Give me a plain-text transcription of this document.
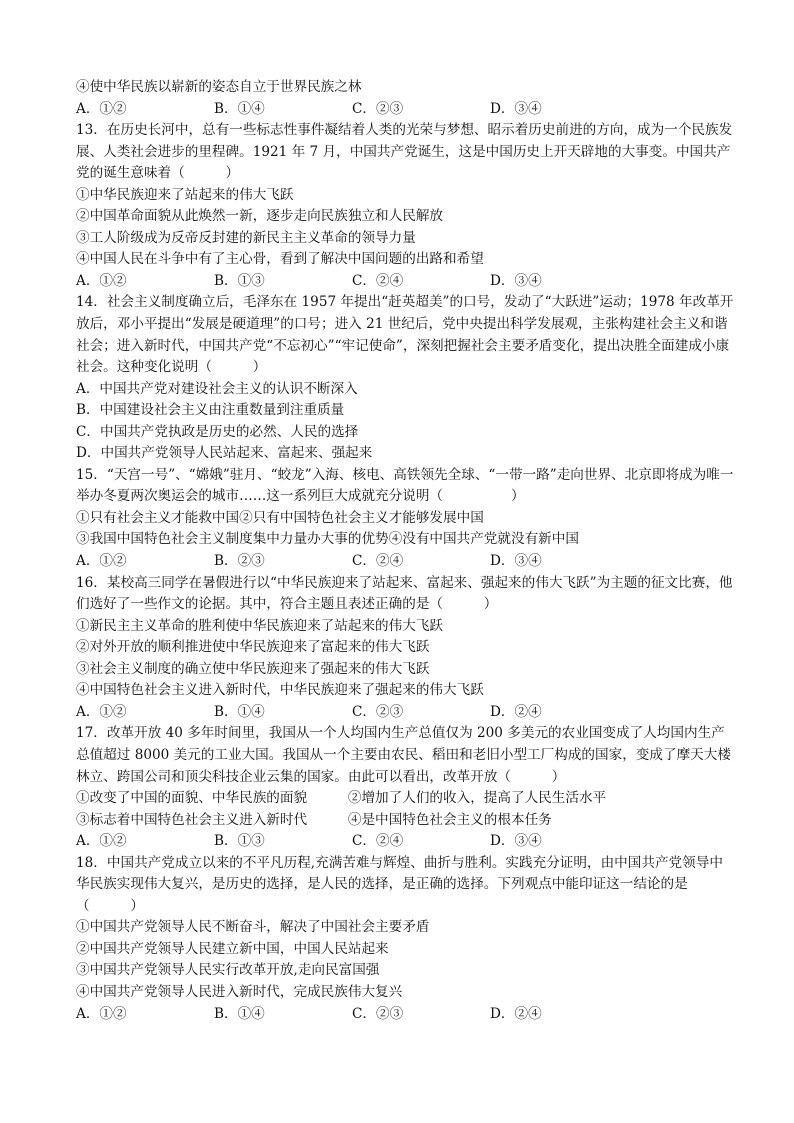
④使中华民族以崭新的姿态自立于世界民族之林
A．①②	B．①④	C．②③	D．③④
13．在历史长河中，总有一些标志性事件凝结着人类的光荣与梦想、昭示着历史前进的方向，成为一个民族发展、人类社会进步的里程碑。1921 年 7 月，中国共产党诞生，这是中国历史上开天辟地的大事变。中国共产党的诞生意味着（　　　）
①中华民族迎来了站起来的伟大飞跃
②中国革命面貌从此焕然一新，逐步走向民族独立和人民解放
③工人阶级成为反帝反封建的新民主主义革命的领导力量
④中国人民在斗争中有了主心骨，看到了解决中国问题的出路和希望
A．①②	B．①③	C．②④	D．③④
14．社会主义制度确立后，毛泽东在 1957 年提出“赶英超美”的口号，发动了“大跃进”运动；1978 年改革开放后，邓小平提出“发展是硬道理”的口号；进入 21 世纪后，党中央提出科学发展观，主张构建社会主义和谐社会；进入新时代，中国共产党“不忘初心”“牢记使命”，深刻把握社会主要矛盾变化，提出决胜全面建成小康社会。这种变化说明（　　　）
A．中国共产党对建设社会主义的认识不断深入
B．中国建设社会主义由注重数量到注重质量
C．中国共产党执政是历史的必然、人民的选择
D．中国共产党领导人民站起来、富起来、强起来
15．“天宫一号”、“嫦娥”驻月、“蛟龙”入海、核电、高铁领先全球、“一带一路”走向世界、北京即将成为唯一举办冬夏两次奥运会的城市……这一系列巨大成就充分说明（　　　　　）
①只有社会主义才能救中国②只有中国特色社会主义才能够发展中国
③我国中国特色社会主义制度集中力量办大事的优势④没有中国共产党就没有新中国
A．①②	B．②③	C．②④	D．③④
16．某校高三同学在暑假进行以“中华民族迎来了站起来、富起来、强起来的伟大飞跃”为主题的征文比赛，他们选好了一些作文的论据。其中，符合主题且表述正确的是（　　　）
①新民主主义革命的胜利使中华民族迎来了站起来的伟大飞跃
②对外开放的顺利推进使中华民族迎来了富起来的伟大飞跃
③社会主义制度的确立使中华民族迎来了强起来的伟大飞跃
④中国特色社会主义进入新时代，中华民族迎来了强起来的伟大飞跃
A．①②	B．①④	C．②③	D．②④
17．改革开放 40 多年时间里，我国从一个人均国内生产总值仅为 200 多美元的农业国变成了人均国内生产总值超过 8000 美元的工业大国。我国从一个主要由农民、稻田和老旧小型工厂构成的国家，变成了摩天大楼林立、跨国公司和顶尖科技企业云集的国家。由此可以看出，改革开放（　　　）
①改变了中国的面貌、中华民族的面貌　　　②增加了人们的收入，提高了人民生活水平
③标志着中国特色社会主义进入新时代　　　④是中国特色社会主义的根本任务
A．①②	B．①③	C．②④	D．③④
18．中国共产党成立以来的不平凡历程,充满苦难与辉煌、曲折与胜利。实践充分证明，由中国共产党领导中华民族实现伟大复兴，是历史的选择，是人民的选择，是正确的选择。下列观点中能印证这一结论的是（　　　）
①中国共产党领导人民不断奋斗，解决了中国社会主要矛盾
②中国共产党领导人民建立新中国，中国人民站起来
③中国共产党领导人民实行改革开放,走向民富国强
④中国共产党领导人民进入新时代，完成民族伟大复兴
A．①②	B．①④	C．②③	D．②④
